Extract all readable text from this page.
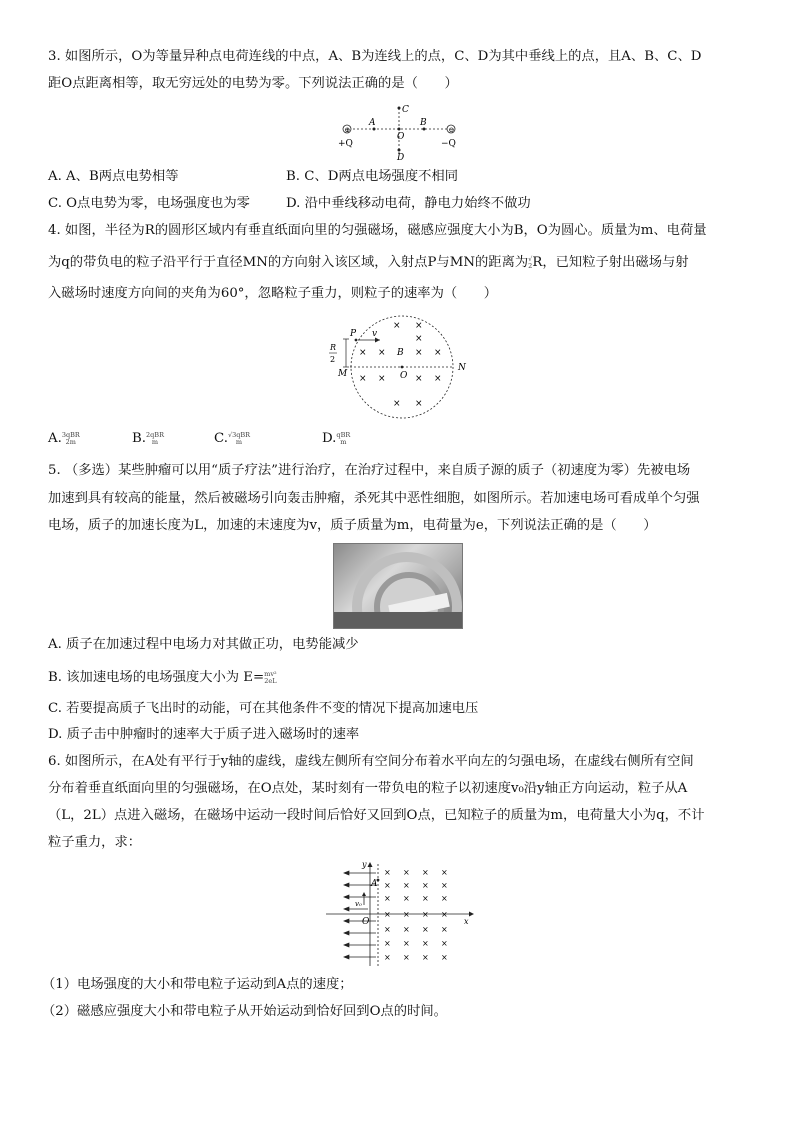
3. 如图所示，O为等量异种点电荷连线的中点，A、B为连线上的点，C、D为其中垂线上的点，且A、B、C、D
距O点距离相等，取无穷远处的电势为零。下列说法正确的是（　　）
⊕	⊖
A	B
C
O
D
+Q	−Q
A. A、B两点电势相等	B. C、D两点电场强度不相同
C. O点电势为零，电场强度也为零	D. 沿中垂线移动电荷，静电力始终不做功
4. 如图，半径为R的圆形区域内有垂直纸面向里的匀强磁场，磁感应强度大小为B，O为圆心。质量为m、电荷量
为q的带负电的粒子沿平行于直径MN的方向射入该区域，入射点P与MN的距离为√
2R，已知粒子射出磁场与射
入磁场时速度方向间的夹角为60°，忽略粒子重力，则粒子的速率为（　　）
P v
R
2
M
N
O
B
× ×
×
× ×	× ×
× ×	× ×
× ×
A.3qBR
2m	B.2qBR
m	C.√3qBR
m	D.qBR
m
5. （多选）某些肿瘤可以用“质子疗法”进行治疗，在治疗过程中，来自质子源的质子（初速度为零）先被电场
加速到具有较高的能量，然后被磁场引向轰击肿瘤，杀死其中恶性细胞，如图所示。若加速电场可看成单个匀强
电场，质子的加速长度为L，加速的末速度为v，质子质量为m，电荷量为e，下列说法正确的是（　　）
A. 质子在加速过程中电场力对其做正功，电势能减少
B. 该加速电场的电场强度大小为 E=mv²
2eL
C. 若要提高质子飞出时的动能，可在其他条件不变的情况下提高加速电压
D. 质子击中肿瘤时的速率大于质子进入磁场时的速率
6. 如图所示，在A处有平行于y轴的虚线，虚线左侧所有空间分布着水平向左的匀强电场，在虚线右侧所有空间
分布着垂直纸面向里的匀强磁场，在O点处，某时刻有一带负电的粒子以初速度v₀沿y轴正方向运动，粒子从A
（L，2L）点进入磁场，在磁场中运动一段时间后恰好又回到O点，已知粒子的质量为m，电荷量大小为q，不计
粒子重力，求：
y
x
A
O
v₀
× × × ×
× × × ×
× × × ×
× × × ×
× × × ×
× × × ×
× × × ×
（1）电场强度的大小和带电粒子运动到A点的速度；
（2）磁感应强度大小和带电粒子从开始运动到恰好回到O点的时间。
